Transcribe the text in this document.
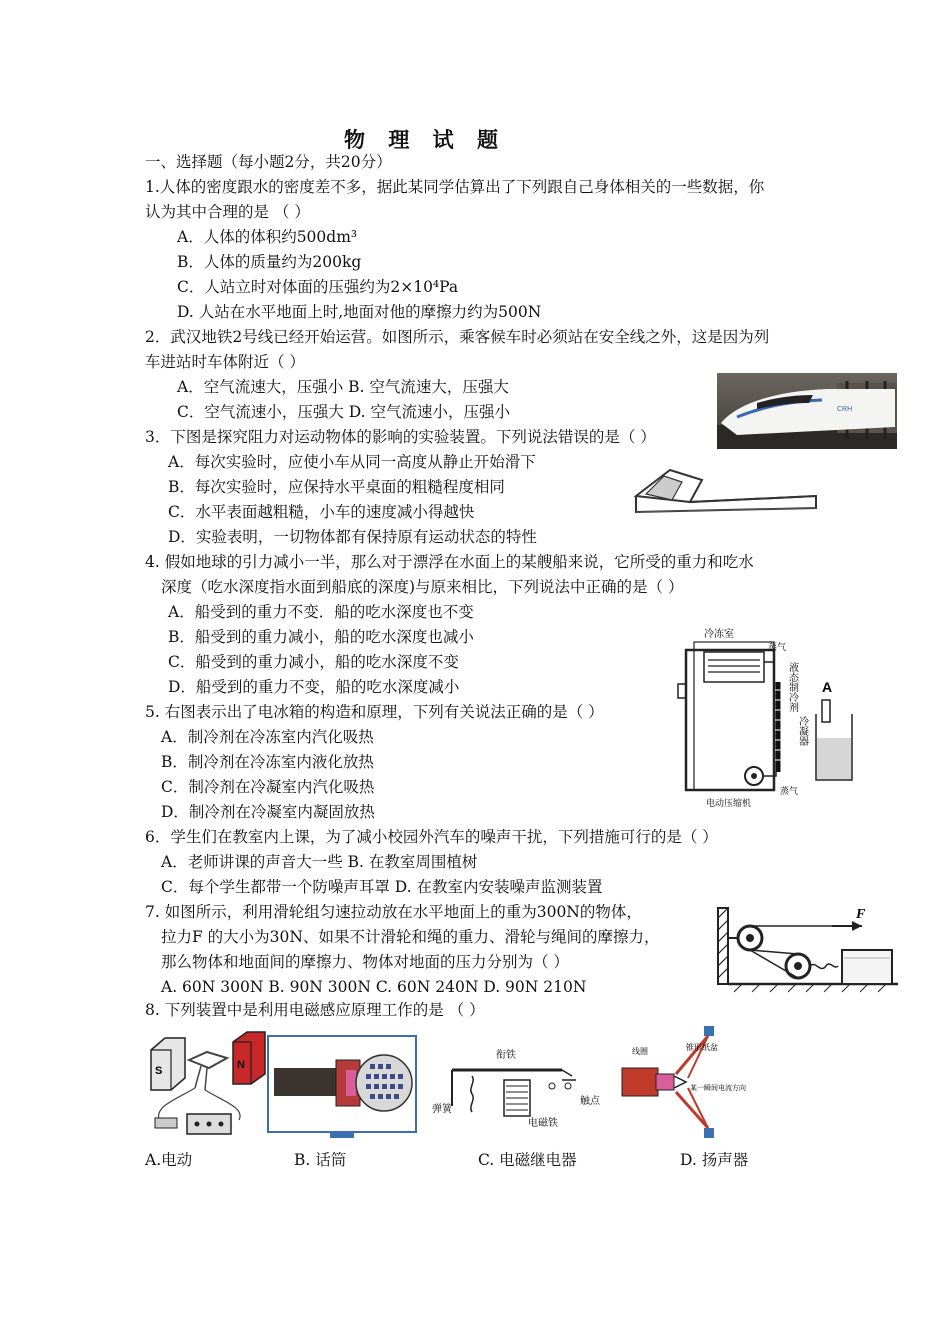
物 理 试 题
一、选择题（每小题2分，共20分）
1.人体的密度跟水的密度差不多，据此某同学估算出了下列跟自己身体相关的一些数据，你
认为其中合理的是 （ ）
A．人体的体积约500dm³
B．人体的质量约为200kg
C．人站立时对体面的压强约为2×10⁴Pa
D. 人站在水平地面上时,地面对他的摩擦力约为500N
2．武汉地铁2号线已经开始运营。如图所示，乘客候车时必须站在安全线之外，这是因为列
车进站时车体附近（ ）
A．空气流速大，压强小 B. 空气流速大，压强大
C．空气流速小，压强大 D. 空气流速小，压强小	CRH
3．下图是探究阻力对运动物体的影响的实验装置。下列说法错误的是（ ）
A．每次实验时，应使小车从同一高度从静止开始滑下
B．每次实验时，应保持水平桌面的粗糙程度相同
C．水平表面越粗糙，小车的速度减小得越快
D．实验表明，一切物体都有保持原有运动状态的特性
4. 假如地球的引力减小一半，那么对于漂浮在水面上的某艘船来说，它所受的重力和吃水
深度（吃水深度指水面到船底的深度)与原来相比，下列说法中正确的是（ ）
A．船受到的重力不变．船的吃水深度也不变
B．船受到的重力减小，船的吃水深度也减小
C．船受到的重力减小，船的吃水深度不变
D．船受到的重力不变，船的吃水深度减小
冷冻室
蒸气
液态制冷剂
冷凝器
蒸气
电动压缩机
A
5. 右图表示出了电冰箱的构造和原理，下列有关说法正确的是（ ）
A．制冷剂在冷冻室内汽化吸热
B．制冷剂在冷冻室内液化放热
C．制冷剂在冷凝室内汽化吸热
D．制冷剂在冷凝室内凝固放热
6．学生们在教室内上课，为了减小校园外汽车的噪声干扰，下列措施可行的是（ ）
A．老师讲课的声音大一些 B. 在教室周围植树
C．每个学生都带一个防噪声耳罩 D. 在教室内安装噪声监测装置
7. 如图所示，利用滑轮组匀速拉动放在水平地面上的重为300N的物体，
拉力F 的大小为30N、如果不计滑轮和绳的重力、滑轮与绳间的摩擦力，
那么物体和地面间的摩擦力、物体对地面的压力分别为（ ）
A. 60N 300N B. 90N 300N C. 60N 240N D. 90N 210N
F
8. 下列装置中是利用电磁感应原理工作的是 （ ）
S	N
A.电动	B. 话筒
衔铁
弹簧
触点
电磁铁
C. 电磁继电器
线圈	锥形纸盆
某一瞬间电流方向
D. 扬声器
